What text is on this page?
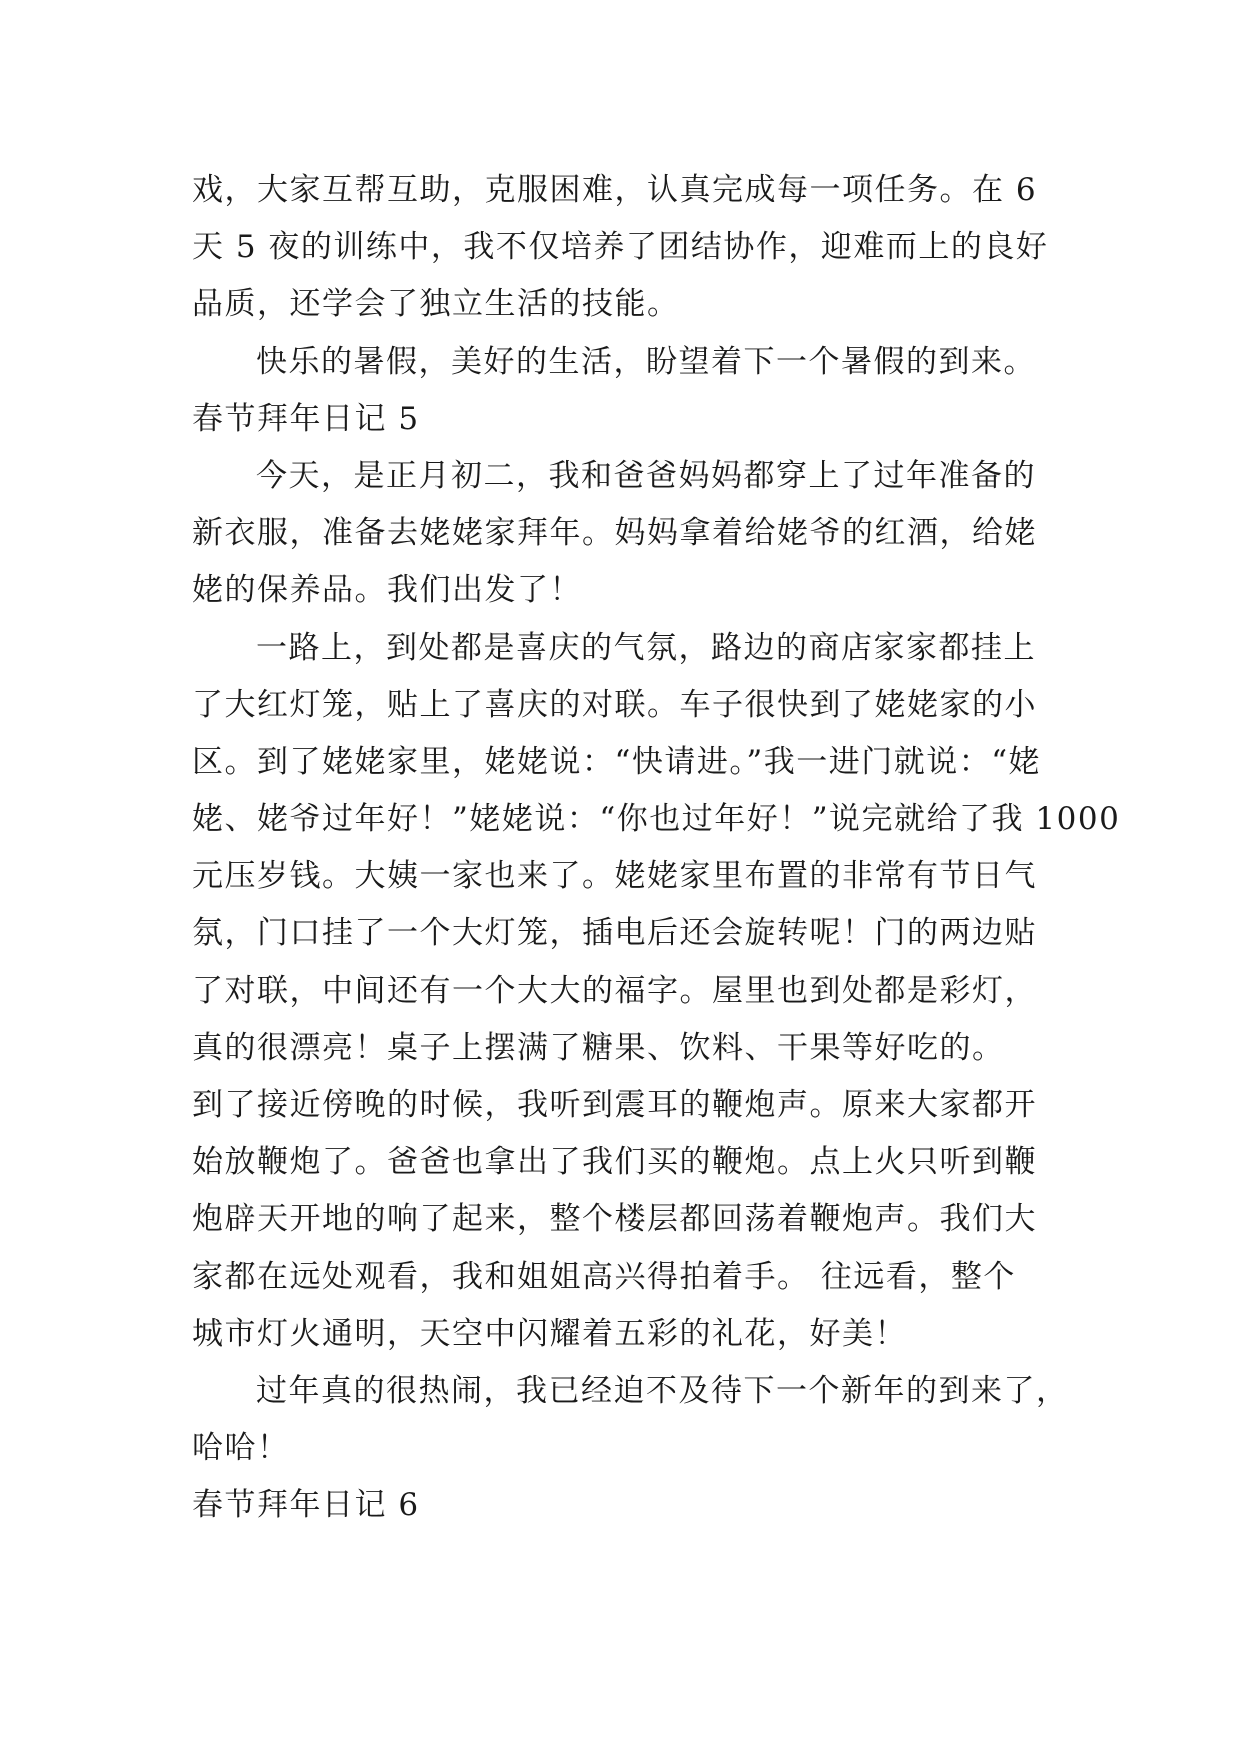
戏，大家互帮互助，克服困难，认真完成每一项任务。在 6
天 5 夜的训练中，我不仅培养了团结协作，迎难而上的良好
品质，还学会了独立生活的技能。
快乐的暑假，美好的生活，盼望着下一个暑假的到来。
春节拜年日记 5
今天，是正月初二，我和爸爸妈妈都穿上了过年准备的
新衣服，准备去姥姥家拜年。妈妈拿着给姥爷的红酒，给姥
姥的保养品。我们出发了！
一路上，到处都是喜庆的气氛，路边的商店家家都挂上
了大红灯笼，贴上了喜庆的对联。车子很快到了姥姥家的小
区。到了姥姥家里，姥姥说：“快请进。”我一进门就说：“姥
姥、姥爷过年好！”姥姥说：“你也过年好！”说完就给了我 1000
元压岁钱。大姨一家也来了。姥姥家里布置的非常有节日气
氛，门口挂了一个大灯笼，插电后还会旋转呢！门的两边贴
了对联，中间还有一个大大的福字。屋里也到处都是彩灯，
真的很漂亮！桌子上摆满了糖果、饮料、干果等好吃的。
到了接近傍晚的时候，我听到震耳的鞭炮声。原来大家都开
始放鞭炮了。爸爸也拿出了我们买的鞭炮。点上火只听到鞭
炮辟天开地的响了起来，整个楼层都回荡着鞭炮声。我们大
家都在远处观看，我和姐姐高兴得拍着手。 往远看，整个
城市灯火通明，天空中闪耀着五彩的礼花，好美！
过年真的很热闹，我已经迫不及待下一个新年的到来了，
哈哈！
春节拜年日记 6
